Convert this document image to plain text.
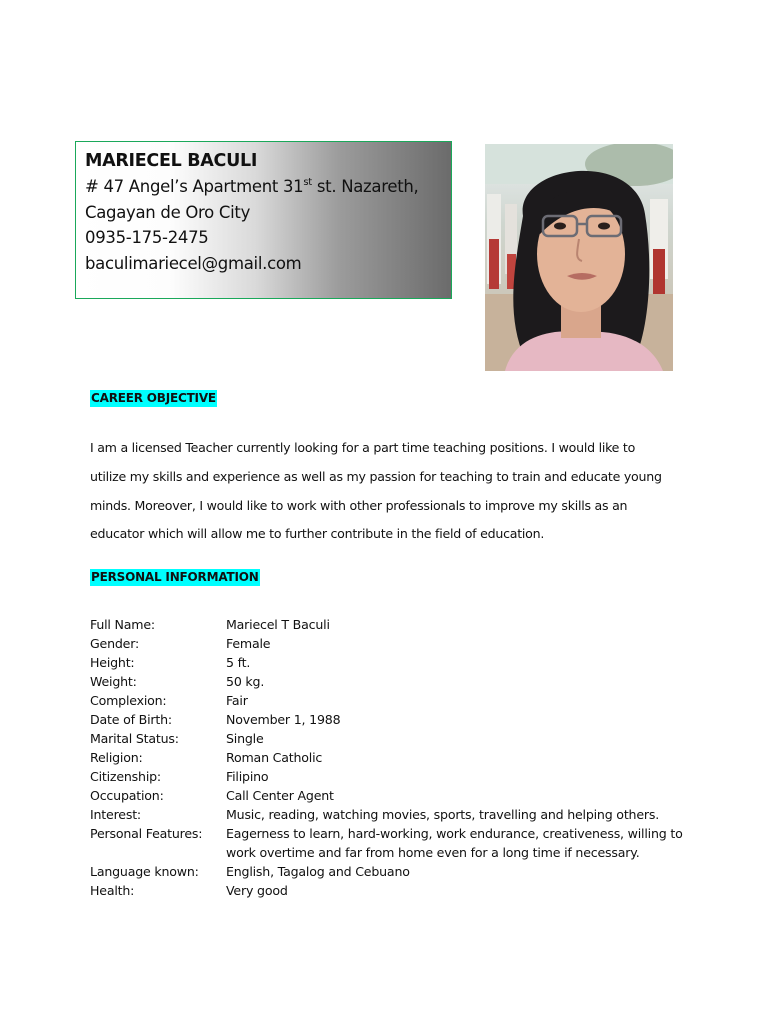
MARIECEL BACULI
# 47 Angel’s Apartment 31st st. Nazareth,
Cagayan de Oro City
0935-175-2475
baculimariecel@gmail.com
CAREER OBJECTIVE

I am a licensed Teacher currently looking for a part time teaching positions. I would like to

utilize my skills and experience as well as my passion for teaching to train and educate young

minds. Moreover, I would like to work with other professionals to improve my skills as an

educator which will allow me to further contribute in the field of education.

PERSONAL INFORMATION
Full Name:	Mariecel T Baculi
Gender:	Female
Height:	5 ft.
Weight:	50 kg.
Complexion:	Fair
Date of Birth:	November 1, 1988
Marital Status:	Single
Religion:	Roman Catholic
Citizenship:	Filipino
Occupation:	Call Center Agent
Interest:	Music, reading, watching movies, sports, travelling and helping others.
Personal Features:	Eagerness to learn, hard-working, work endurance, creativeness, willing to work overtime and far from home even for a long time if necessary.
Language known:	English, Tagalog and Cebuano
Health:	Very good
